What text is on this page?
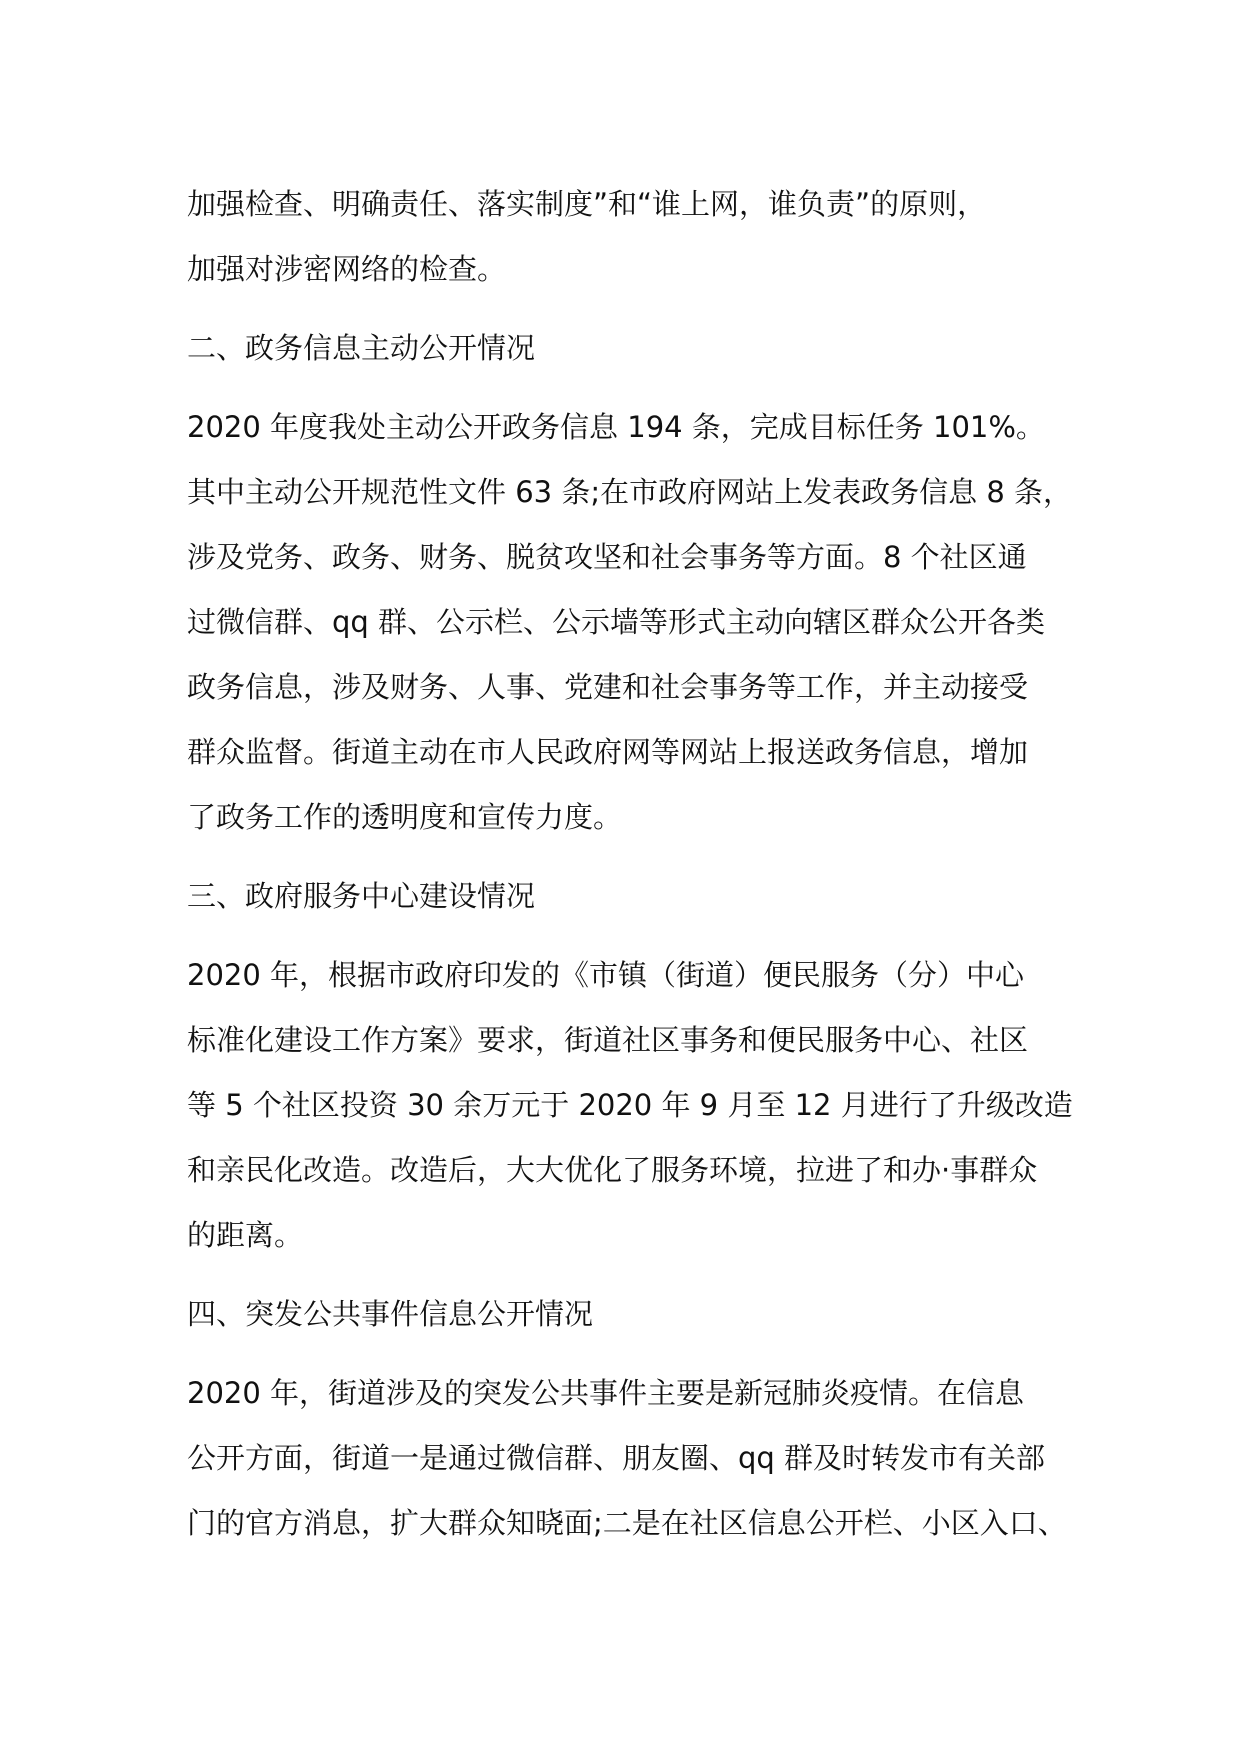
加强检查、明确责任、落实制度”和“谁上网，谁负责”的原则，
加强对涉密网络的检查。
二、政务信息主动公开情况
2020 年度我处主动公开政务信息 194 条，完成目标任务 101%。
其中主动公开规范性文件 63 条;在市政府网站上发表政务信息 8 条，
涉及党务、政务、财务、脱贫攻坚和社会事务等方面。8 个社区通
过微信群、qq 群、公示栏、公示墙等形式主动向辖区群众公开各类
政务信息，涉及财务、人事、党建和社会事务等工作，并主动接受
群众监督。街道主动在市人民政府网等网站上报送政务信息，增加
了政务工作的透明度和宣传力度。
三、政府服务中心建设情况
2020 年，根据市政府印发的《市镇（街道）便民服务（分）中心
标准化建设工作方案》要求，街道社区事务和便民服务中心、社区
等 5 个社区投资 30 余万元于 2020 年 9 月至 12 月进行了升级改造
和亲民化改造。改造后，大大优化了服务环境，拉进了和办·事群众
的距离。
四、突发公共事件信息公开情况
2020 年，街道涉及的突发公共事件主要是新冠肺炎疫情。在信息
公开方面，街道一是通过微信群、朋友圈、qq 群及时转发市有关部
门的官方消息，扩大群众知晓面;二是在社区信息公开栏、小区入口、
